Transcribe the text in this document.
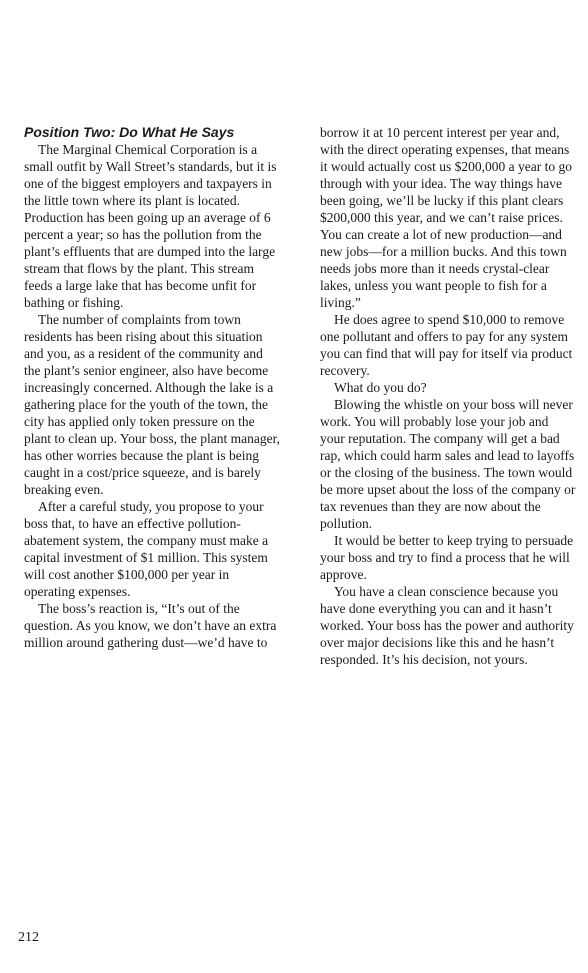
Position Two: Do What He Says

The Marginal Chemical Corporation is a small outfit by Wall Street’s standards, but it is one of the biggest employers and taxpayers in the little town where its plant is located. Production has been going up an average of 6 percent a year; so has the pollution from the plant’s effluents that are dumped into the large stream that flows by the plant. This stream feeds a large lake that has become unfit for bathing or fishing.

The number of complaints from town residents has been rising about this situation and you, as a resident of the community and the plant’s senior engineer, also have become increasingly concerned. Although the lake is a gathering place for the youth of the town, the city has applied only token pressure on the plant to clean up. Your boss, the plant manager, has other worries because the plant is being caught in a cost/price squeeze, and is barely breaking even.

After a careful study, you propose to your boss that, to have an effective pollution-abatement system, the company must make a capital investment of $1 million. This system will cost another $100,000 per year in operating expenses.

The boss’s reaction is, “It’s out of the question. As you know, we don’t have an extra million around gathering dust—we’d have to

borrow it at 10 percent interest per year and, with the direct operating expenses, that means it would actually cost us $200,000 a year to go through with your idea. The way things have been going, we’ll be lucky if this plant clears $200,000 this year, and we can’t raise prices. You can create a lot of new production—and new jobs—for a million bucks. And this town needs jobs more than it needs crystal-clear lakes, unless you want people to fish for a living.”

He does agree to spend $10,000 to remove one pollutant and offers to pay for any system you can find that will pay for itself via product recovery.

What do you do?

Blowing the whistle on your boss will never work. You will probably lose your job and your reputation. The company will get a bad rap, which could harm sales and lead to layoffs or the closing of the business. The town would be more upset about the loss of the company or tax revenues than they are now about the pollution.

It would be better to keep trying to persuade your boss and try to find a process that he will approve.

You have a clean conscience because you have done everything you can and it hasn’t worked. Your boss has the power and authority over major decisions like this and he hasn’t responded. It’s his decision, not yours.

212
